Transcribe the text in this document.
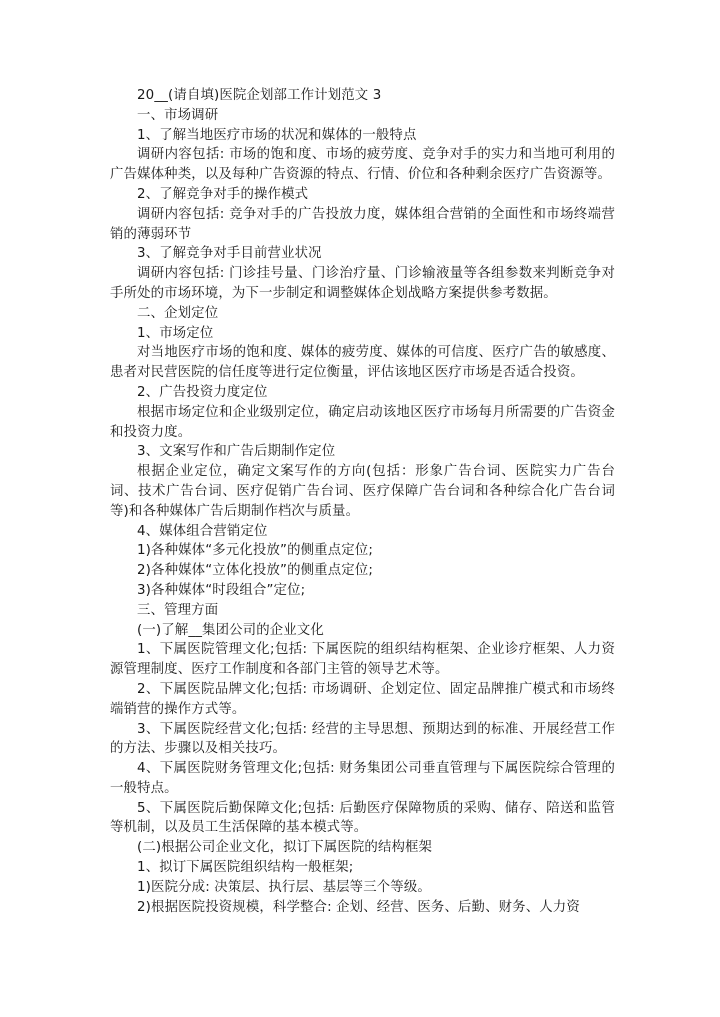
20__(请自填)医院企划部工作计划范文 3

一、市场调研

1、了解当地医疗市场的状况和媒体的一般特点

调研内容包括: 市场的饱和度、市场的疲劳度、竞争对手的实力和当地可利用的广告媒体种类，以及每种广告资源的特点、行情、价位和各种剩余医疗广告资源等。

2、了解竞争对手的操作模式

调研内容包括: 竞争对手的广告投放力度，媒体组合营销的全面性和市场终端营销的薄弱环节

3、了解竞争对手目前营业状况

调研内容包括: 门诊挂号量、门诊治疗量、门诊输液量等各组参数来判断竞争对手所处的市场环境，为下一步制定和调整媒体企划战略方案提供参考数据。

二、企划定位

1、市场定位

对当地医疗市场的饱和度、媒体的疲劳度、媒体的可信度、医疗广告的敏感度、患者对民营医院的信任度等进行定位衡量，评估该地区医疗市场是否适合投资。

2、广告投资力度定位

根据市场定位和企业级别定位，确定启动该地区医疗市场每月所需要的广告资金和投资力度。

3、文案写作和广告后期制作定位

根据企业定位，确定文案写作的方向(包括：形象广告台词、医院实力广告台词、技术广告台词、医疗促销广告台词、医疗保障广告台词和各种综合化广告台词等)和各种媒体广告后期制作档次与质量。

4、媒体组合营销定位

1)各种媒体“多元化投放”的侧重点定位;

2)各种媒体“立体化投放”的侧重点定位;

3)各种媒体“时段组合”定位;

三、管理方面

(一)了解__集团公司的企业文化

1、下属医院管理文化;包括: 下属医院的组织结构框架、企业诊疗框架、人力资源管理制度、医疗工作制度和各部门主管的领导艺术等。

2、下属医院品牌文化;包括: 市场调研、企划定位、固定品牌推广模式和市场终端销营的操作方式等。

3、下属医院经营文化;包括: 经营的主导思想、预期达到的标准、开展经营工作的方法、步骤以及相关技巧。

4、下属医院财务管理文化;包括: 财务集团公司垂直管理与下属医院综合管理的一般特点。

5、下属医院后勤保障文化;包括: 后勤医疗保障物质的采购、储存、陪送和监管等机制，以及员工生活保障的基本模式等。

(二)根据公司企业文化，拟订下属医院的结构框架

1、拟订下属医院组织结构一般框架;

1)医院分成: 决策层、执行层、基层等三个等级。

2)根据医院投资规模，科学整合: 企划、经营、医务、后勤、财务、人力资
